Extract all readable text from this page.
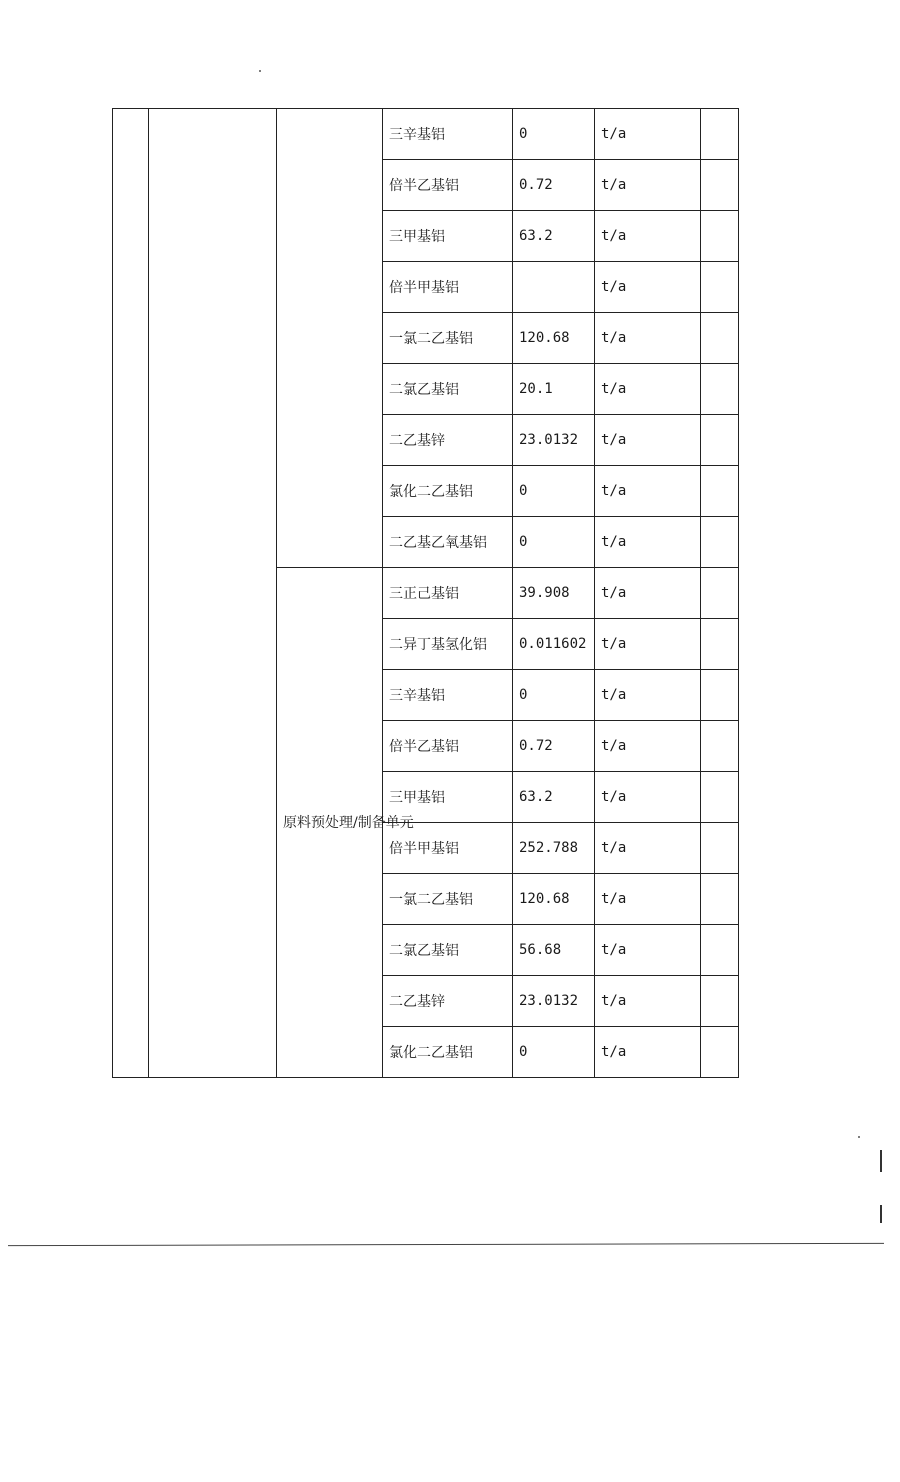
			三辛基铝	0	t/a	
			倍半乙基铝	0.72	t/a	
			三甲基铝	63.2	t/a	
			倍半甲基铝		t/a	
			一氯二乙基铝	120.68	t/a	
			二氯乙基铝	20.1	t/a	
			二乙基锌	23.0132	t/a	
			氯化二乙基铝	0	t/a	
			二乙基乙氧基铝	0	t/a	
		原料预处理/制备单元	三正己基铝	39.908	t/a	
			二异丁基氢化铝	0.011602	t/a	
			三辛基铝	0	t/a	
			倍半乙基铝	0.72	t/a	
			三甲基铝	63.2	t/a	
			倍半甲基铝	252.788	t/a	
			一氯二乙基铝	120.68	t/a	
			二氯乙基铝	56.68	t/a	
			二乙基锌	23.0132	t/a	
			氯化二乙基铝	0	t/a	
